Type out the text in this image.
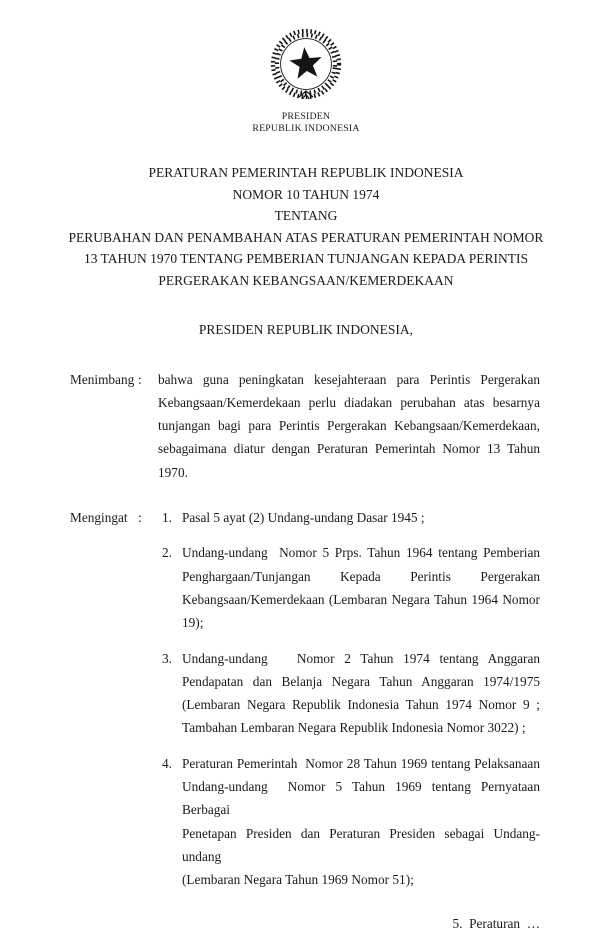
PRESIDEN
REPUBLIK INDONESIA
PERATURAN PEMERINTAH REPUBLIK INDONESIA
NOMOR 10 TAHUN 1974
TENTANG
PERUBAHAN DAN PENAMBAHAN ATAS PERATURAN PEMERINTAH NOMOR
13 TAHUN 1970 TENTANG PEMBERIAN TUNJANGAN KEPADA PERINTIS
PERGERAKAN KEBANGSAAN/KEMERDEKAAN
PRESIDEN REPUBLIK INDONESIA,
Menimbang :	bahwa guna peningkatan kesejahteraan para Perintis Pergerakan
Kebangsaan/Kemerdekaan perlu diadakan perubahan atas besarnya
tunjangan bagi para Perintis Pergerakan Kebangsaan/Kemerdekaan,
sebagaimana diatur dengan Peraturan Pemerintah Nomor 13 Tahun
1970.
Mengingat :	1. Pasal 5 ayat (2) Undang-undang Dasar 1945 ;
2. Undang-undang  Nomor 5 Prps. Tahun 1964 tentang Pemberian
Penghargaan/Tunjangan Kepada Perintis Pergerakan
Kebangsaan/Kemerdekaan (Lembaran Negara Tahun 1964 Nomor
19);
3. Undang-undang   Nomor 2 Tahun 1974 tentang Anggaran
Pendapatan dan Belanja Negara Tahun Anggaran 1974/1975
(Lembaran Negara Republik Indonesia Tahun 1974 Nomor 9 ;
Tambahan Lembaran Negara Republik Indonesia Nomor 3022) ;
4. Peraturan Pemerintah  Nomor 28 Tahun 1969 tentang Pelaksanaan
Undang-undang  Nomor 5 Tahun 1969 tentang Pernyataan Berbagai
Penetapan Presiden dan Peraturan Presiden sebagai Undang-undang
(Lembaran Negara Tahun 1969 Nomor 51);
5.  Peraturan  …
